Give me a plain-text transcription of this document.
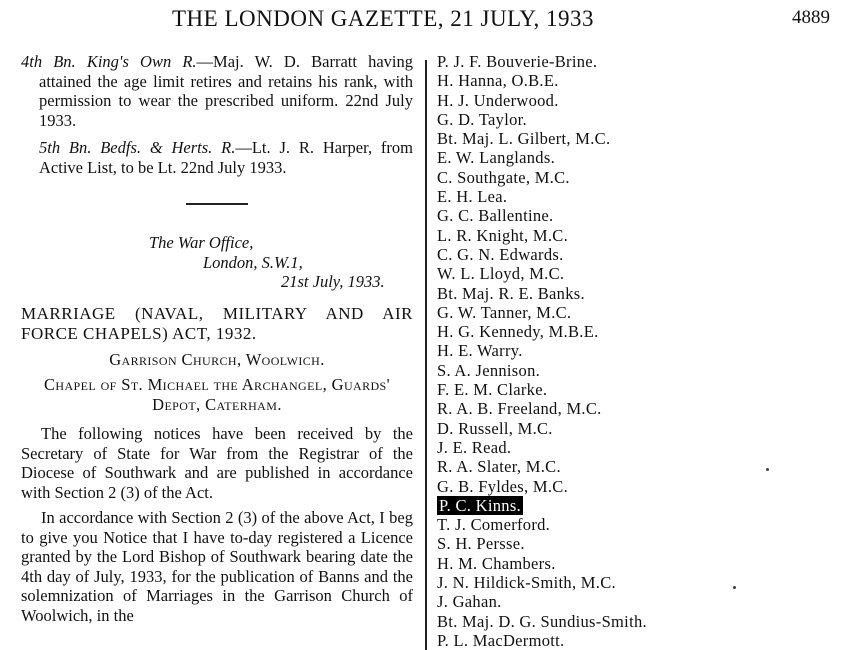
THE LONDON GAZETTE, 21 JULY, 1933	4889

4th Bn. King's Own R.—Maj. W. D. Barratt having attained the age limit retires and retains his rank, with permission to wear the prescribed uniform. 22nd July 1933.

5th Bn. Bedfs. & Herts. R.—Lt. J. R. Harper, from Active List, to be Lt. 22nd July 1933.

The War Office,
London, S.W.1,
21st July, 1933.
MARRIAGE (NAVAL, MILITARY AND AIR FORCE CHAPELS) ACT, 1932.
Garrison Church, Woolwich.
Chapel of St. Michael the Archangel, Guards' Depot, Caterham.
The following notices have been received by the Secretary of State for War from the Registrar of the Diocese of Southwark and are published in accordance with Section 2 (3) of the Act.
In accordance with Section 2 (3) of the above Act, I beg to give you Notice that I have to-day registered a Licence granted by the Lord Bishop of Southwark bearing date the 4th day of July, 1933, for the publication of Banns and the solemnization of Marriages in the Garrison Church of Woolwich, in the
P. J. F. Bouverie-Brine.
H. Hanna, O.B.E.
H. J. Underwood.
G. D. Taylor.
Bt. Maj. L. Gilbert, M.C.
E. W. Langlands.
C. Southgate, M.C.
E. H. Lea.
G. C. Ballentine.
L. R. Knight, M.C.
C. G. N. Edwards.
W. L. Lloyd, M.C.
Bt. Maj. R. E. Banks.
G. W. Tanner, M.C.
H. G. Kennedy, M.B.E.
H. E. Warry.
S. A. Jennison.
F. E. M. Clarke.
R. A. B. Freeland, M.C.
D. Russell, M.C.
J. E. Read.
R. A. Slater, M.C.
G. B. Fyldes, M.C.
P. C. Kinns.
T. J. Comerford.
S. H. Persse.
H. M. Chambers.
J. N. Hildick-Smith, M.C.
J. Gahan.
Bt. Maj. D. G. Sundius-Smith.
P. L. MacDermott.
